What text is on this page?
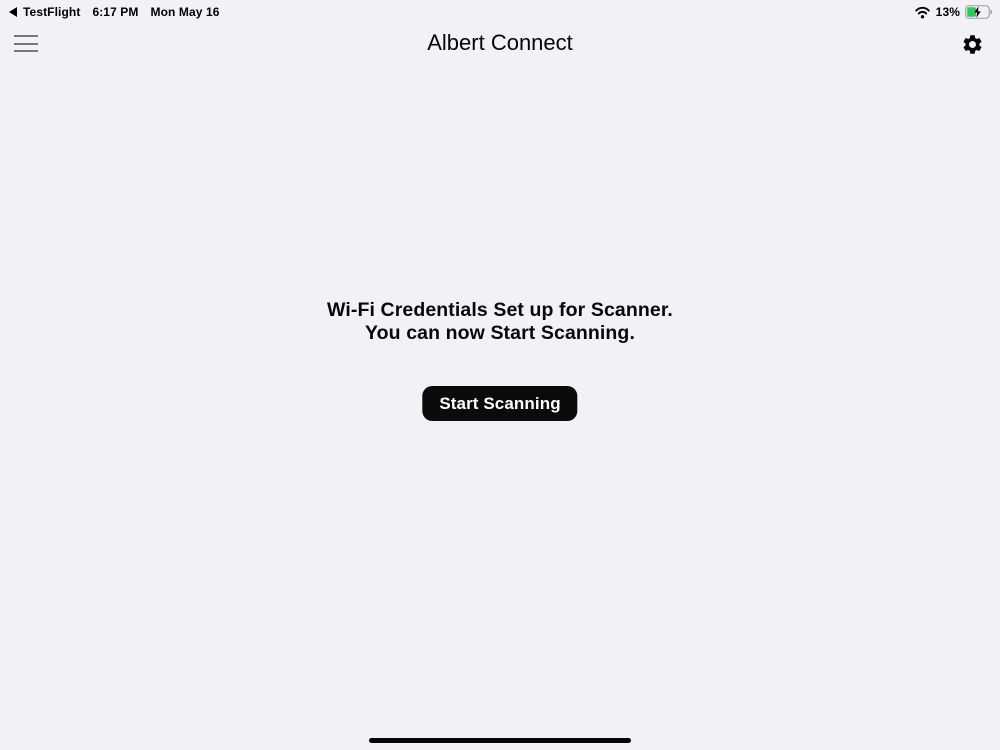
TestFlight 6:17 PM Mon May 16	13%
Albert Connect
Wi-Fi Credentials Set up for Scanner.
You can now Start Scanning.
Start Scanning
